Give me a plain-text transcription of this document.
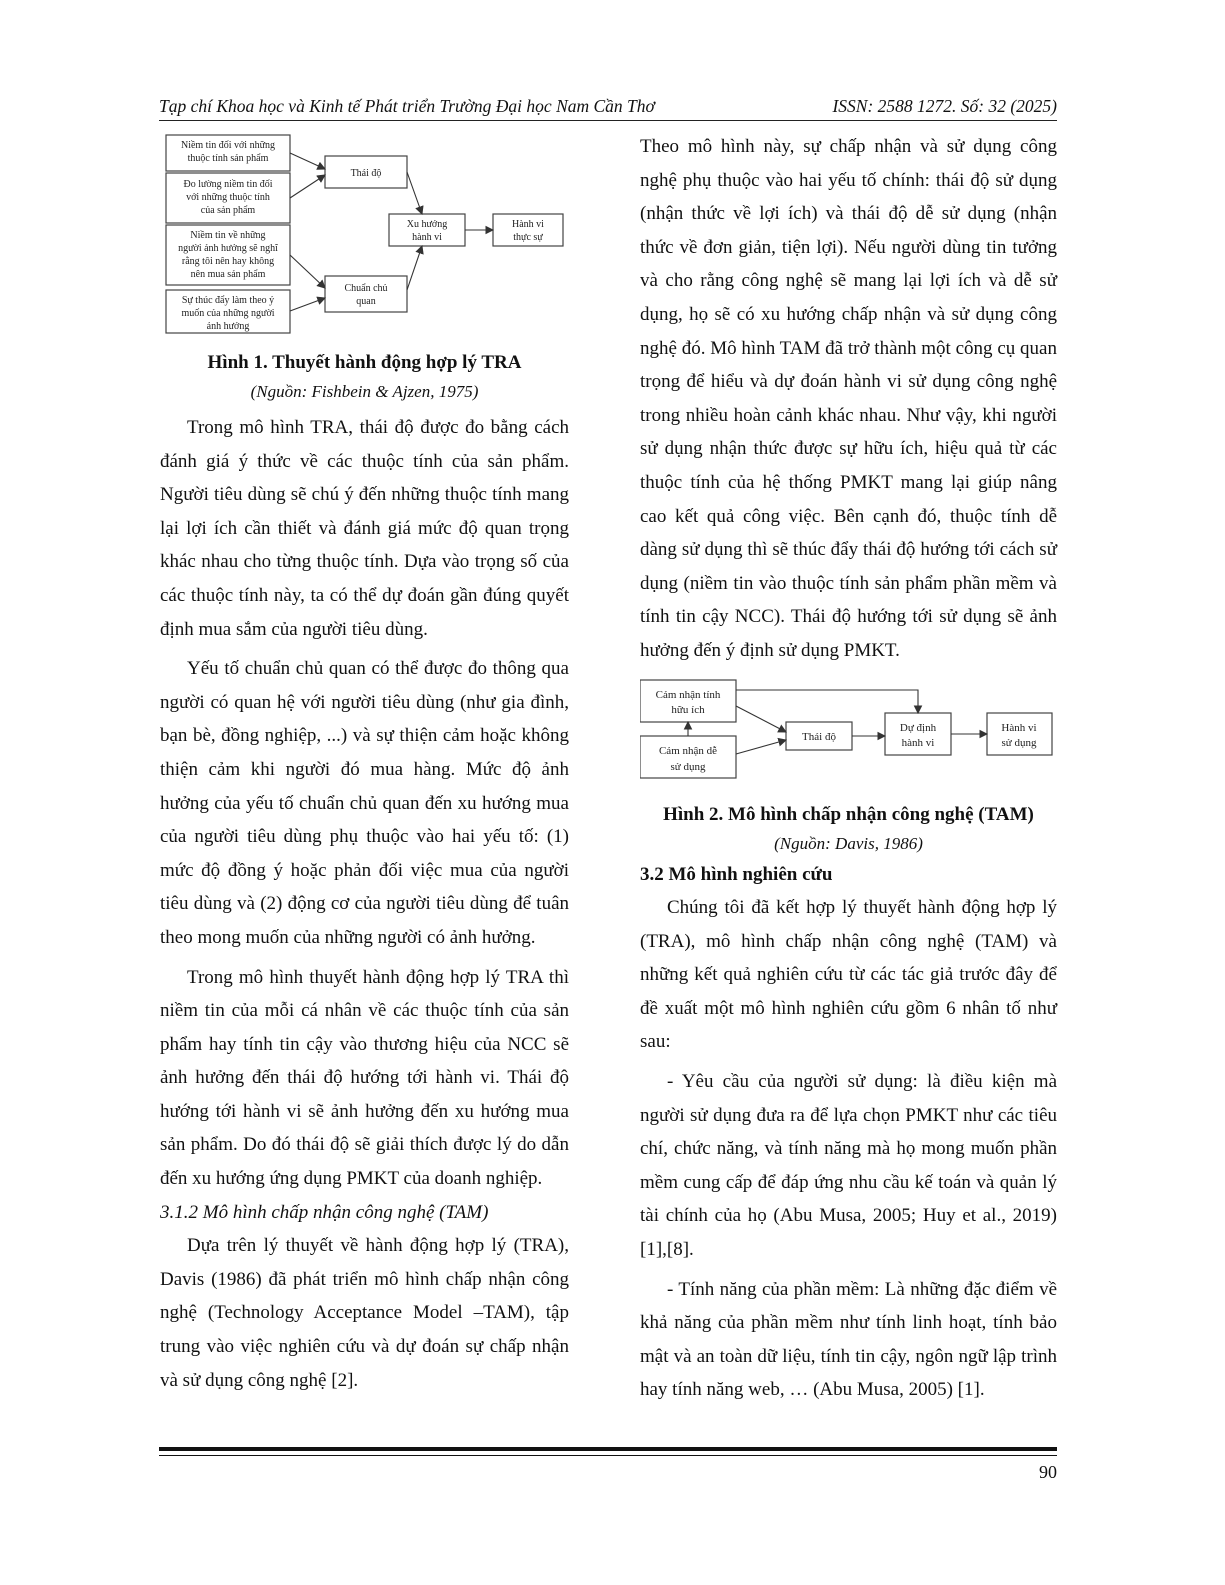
Tạp chí Khoa học và Kinh tế Phát triển Trường Đại học Nam Cần Thơ	ISSN: 2588 1272. Số: 32 (2025)
Niềm tin đối với những
thuộc tính sản phẩm
Đo lường niềm tin đối
với những thuộc tính
của sản phẩm
Niềm tin về những
người ảnh hưởng sẽ nghĩ
rằng tôi nên hay không
nên mua sản phẩm
Sự thúc đẩy làm theo ý
muốn của những người
ảnh hưởng
Thái độ
Chuẩn chủ
quan
Xu hướng
hành vi
Hành vi
thực sự

Hình 1. Thuyết hành động hợp lý TRA

(Nguồn: Fishbein & Ajzen, 1975)

Trong mô hình TRA, thái độ được đo bằng cách đánh giá ý thức về các thuộc tính của sản phẩm. Người tiêu dùng sẽ chú ý đến những thuộc tính mang lại lợi ích cần thiết và đánh giá mức độ quan trọng khác nhau cho từng thuộc tính. Dựa vào trọng số của các thuộc tính này, ta có thể dự đoán gần đúng quyết định mua sắm của người tiêu dùng.

Yếu tố chuẩn chủ quan có thể được đo thông qua người có quan hệ với người tiêu dùng (như gia đình, bạn bè, đồng nghiệp, ...) và sự thiện cảm hoặc không thiện cảm khi người đó mua hàng. Mức độ ảnh hưởng của yếu tố chuẩn chủ quan đến xu hướng mua của người tiêu dùng phụ thuộc vào hai yếu tố: (1) mức độ đồng ý hoặc phản đối việc mua của người tiêu dùng và (2) động cơ của người tiêu dùng để tuân theo mong muốn của những người có ảnh hưởng.

Trong mô hình thuyết hành động hợp lý TRA thì niềm tin của mỗi cá nhân về các thuộc tính của sản phẩm hay tính tin cậy vào thương hiệu của NCC sẽ ảnh hưởng đến thái độ hướng tới hành vi. Thái độ hướng tới hành vi sẽ ảnh hưởng đến xu hướng mua sản phẩm. Do đó thái độ sẽ giải thích được lý do dẫn đến xu hướng ứng dụng PMKT của doanh nghiệp.

3.1.2 Mô hình chấp nhận công nghệ (TAM)

Dựa trên lý thuyết về hành động hợp lý (TRA), Davis (1986) đã phát triển mô hình chấp nhận công nghệ (Technology Acceptance Model –TAM), tập trung vào việc nghiên cứu và dự đoán sự chấp nhận và sử dụng công nghệ [2].

Theo mô hình này, sự chấp nhận và sử dụng công nghệ phụ thuộc vào hai yếu tố chính: thái độ sử dụng (nhận thức về lợi ích) và thái độ dễ sử dụng (nhận thức về đơn giản, tiện lợi). Nếu người dùng tin tưởng và cho rằng công nghệ sẽ mang lại lợi ích và dễ sử dụng, họ sẽ có xu hướng chấp nhận và sử dụng công nghệ đó. Mô hình TAM đã trở thành một công cụ quan trọng để hiểu và dự đoán hành vi sử dụng công nghệ trong nhiều hoàn cảnh khác nhau. Như vậy, khi người sử dụng nhận thức được sự hữu ích, hiệu quả từ các thuộc tính của hệ thống PMKT mang lại giúp nâng cao kết quả công việc. Bên cạnh đó, thuộc tính dễ dàng sử dụng thì sẽ thúc đẩy thái độ hướng tới cách sử dụng (niềm tin vào thuộc tính sản phẩm phần mềm và tính tin cậy NCC). Thái độ hướng tới sử dụng sẽ ảnh hưởng đến ý định sử dụng PMKT.

Cảm nhận tính
hữu ích
Cảm nhận dễ
sử dụng
Thái độ
Dự định
hành vi
Hành vi
sử dụng

Hình 2. Mô hình chấp nhận công nghệ (TAM)

(Nguồn: Davis, 1986)

3.2 Mô hình nghiên cứu

Chúng tôi đã kết hợp lý thuyết hành động hợp lý (TRA), mô hình chấp nhận công nghệ (TAM) và những kết quả nghiên cứu từ các tác giả trước đây để đề xuất một mô hình nghiên cứu gồm 6 nhân tố như sau:

- Yêu cầu của người sử dụng: là điều kiện mà người sử dụng đưa ra để lựa chọn PMKT như các tiêu chí, chức năng, và tính năng mà họ mong muốn phần mềm cung cấp để đáp ứng nhu cầu kế toán và quản lý tài chính của họ (Abu Musa, 2005; Huy et al., 2019) [1],[8].

- Tính năng của phần mềm: Là những đặc điểm về khả năng của phần mềm như tính linh hoạt, tính bảo mật và an toàn dữ liệu, tính tin cậy, ngôn ngữ lập trình hay tính năng web, … (Abu Musa, 2005) [1].

90
